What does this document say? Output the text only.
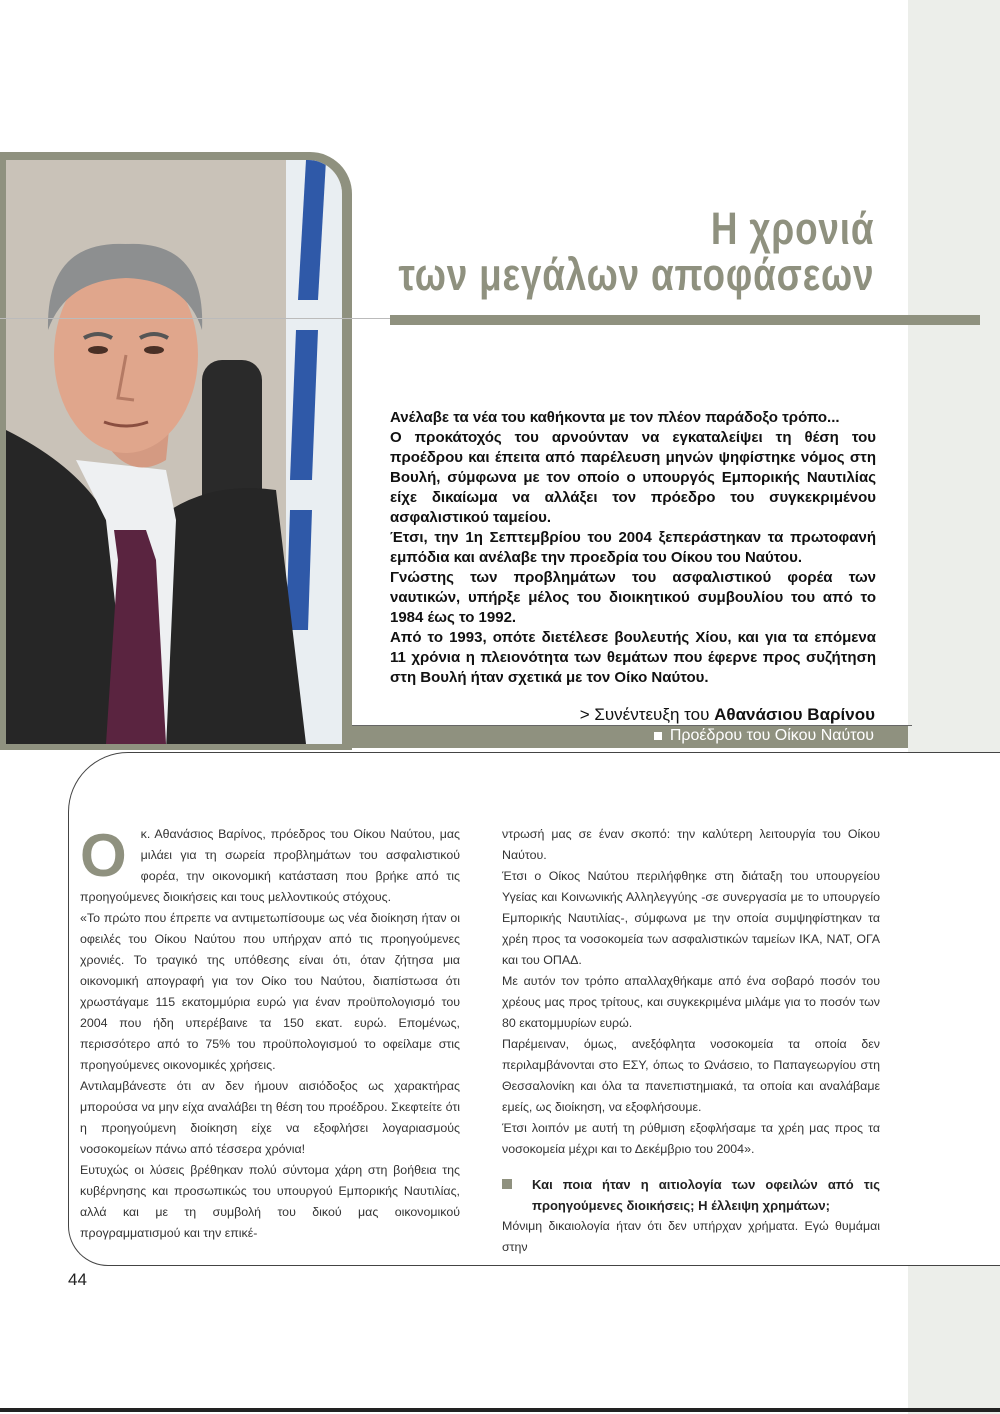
Η χρονιά
των μεγάλων αποφάσεων

Ανέλαβε τα νέα του καθήκοντα με τον πλέον παράδοξο τρόπο...

Ο προκάτοχός του αρνούνταν να εγκαταλείψει τη θέση του προέδρου και έπειτα από παρέλευση μηνών ψηφίστηκε νόμος στη Βουλή, σύμφωνα με τον οποίο ο υπουργός Εμπορικής Ναυτιλίας είχε δικαίωμα να αλλάξει τον πρόεδρο του συγκεκριμένου ασφαλιστικού ταμείου.

Έτσι, την 1η Σεπτεμβρίου του 2004 ξεπεράστηκαν τα πρωτοφανή εμπόδια και ανέλαβε την προεδρία του Οίκου του Ναύτου.

Γνώστης των προβλημάτων του ασφαλιστικού φορέα των ναυτικών, υπήρξε μέλος του διοικητικού συμβουλίου του από το 1984 έως το 1992.

Από το 1993, οπότε διετέλεσε βουλευτής Χίου, και για τα επόμενα 11 χρόνια η πλειονότητα των θεμάτων που έφερνε προς συζήτηση στη Βουλή ήταν σχετικά με τον Οίκο Ναύτου.

> Συνέντευξη του Αθανάσιου Βαρίνου
Προέδρου του Οίκου Ναύτου

Ο κ. Αθανάσιος Βαρίνος, πρόεδρος του Οίκου Ναύτου, μας μιλάει για τη σωρεία προβλημάτων του ασφαλιστικού φορέα, την οικονομική κατάσταση που βρήκε από τις προηγούμενες διοικήσεις και τους μελλοντικούς στόχους.

«Το πρώτο που έπρεπε να αντιμετωπίσουμε ως νέα διοίκηση ήταν οι οφειλές του Οίκου Ναύτου που υπήρχαν από τις προηγούμενες χρονιές. Το τραγικό της υπόθεσης είναι ότι, όταν ζήτησα μια οικονομική απογραφή για τον Οίκο του Ναύτου, διαπίστωσα ότι χρωστάγαμε 115 εκατομμύρια ευρώ για έναν προϋπολογισμό του 2004 που ήδη υπερέβαινε τα 150 εκατ. ευρώ. Επομένως, περισσότερο από το 75% του προϋπολογισμού το οφείλαμε στις προηγούμενες οικονομικές χρήσεις.

Αντιλαμβάνεστε ότι αν δεν ήμουν αισιόδοξος ως χαρακτήρας μπορούσα να μην είχα αναλάβει τη θέση του προέδρου. Σκεφτείτε ότι η προηγούμενη διοίκηση είχε να εξοφλήσει λογαριασμούς νοσοκομείων πάνω από τέσσερα χρόνια!

Ευτυχώς οι λύσεις βρέθηκαν πολύ σύντομα χάρη στη βοήθεια της κυβέρνησης και προσωπικώς του υπουργού Εμπορικής Ναυτιλίας, αλλά και με τη συμβολή του δικού μας οικονομικού προγραμματισμού και την επικέ-

ντρωσή μας σε έναν σκοπό: την καλύτερη λειτουργία του Οίκου Ναύτου.

Έτσι ο Οίκος Ναύτου περιλήφθηκε στη διάταξη του υπουργείου Υγείας και Κοινωνικής Αλληλεγγύης -σε συνεργασία με το υπουργείο Εμπορικής Ναυτιλίας-, σύμφωνα με την οποία συμψηφίστηκαν τα χρέη προς τα νοσοκομεία των ασφαλιστικών ταμείων ΙΚΑ, ΝΑΤ, ΟΓΑ και του ΟΠΑΔ.

Με αυτόν τον τρόπο απαλλαχθήκαμε από ένα σοβαρό ποσόν του χρέους μας προς τρίτους, και συγκεκριμένα μιλάμε για το ποσόν των 80 εκατομμυρίων ευρώ.

Παρέμειναν, όμως, ανεξόφλητα νοσοκομεία τα οποία δεν περιλαμβάνονται στο ΕΣΥ, όπως το Ωνάσειο, το Παπαγεωργίου στη Θεσσαλονίκη και όλα τα πανεπιστημιακά, τα οποία και αναλάβαμε εμείς, ως διοίκηση, να εξοφλήσουμε.

Έτσι λοιπόν με αυτή τη ρύθμιση εξοφλήσαμε τα χρέη μας προς τα νοσοκομεία μέχρι και το Δεκέμβριο του 2004».

Και ποια ήταν η αιτιολογία των οφειλών από τις προηγούμενες διοικήσεις; Η έλλειψη χρημάτων;

Μόνιμη δικαιολογία ήταν ότι δεν υπήρχαν χρήματα. Εγώ θυμάμαι στην

44
